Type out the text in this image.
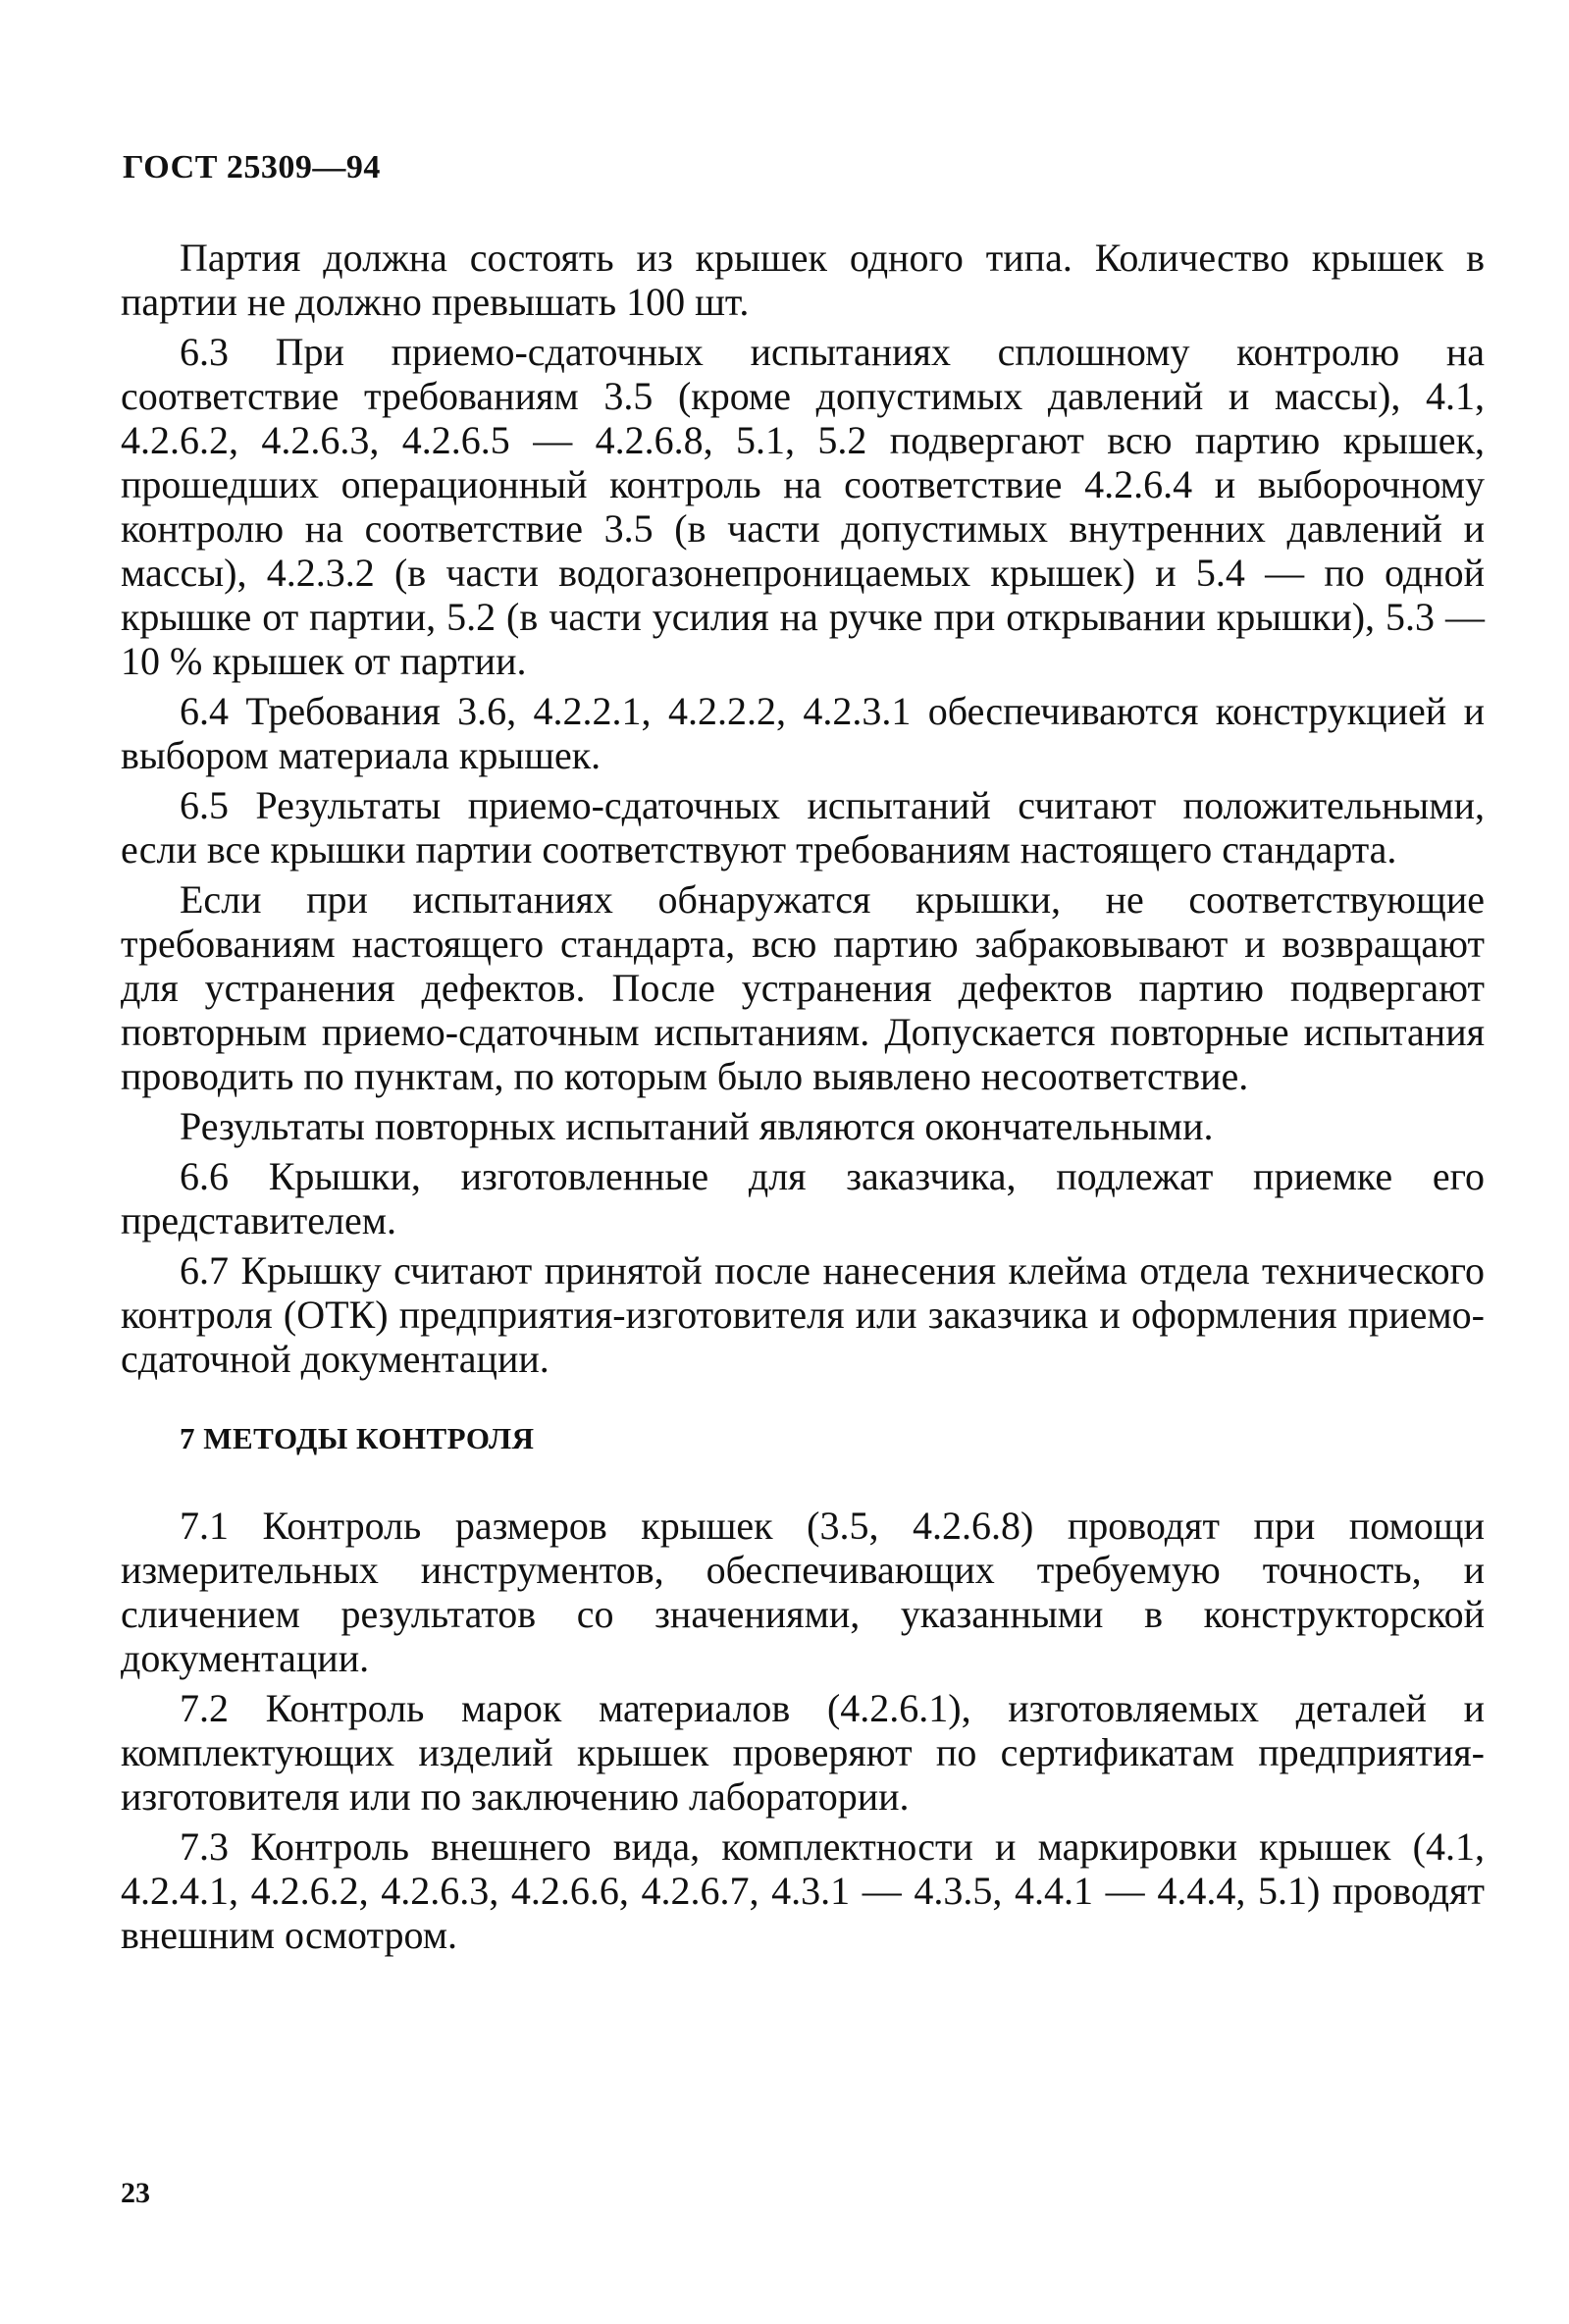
ГОСТ 25309—94

Партия должна состоять из крышек одного типа. Количество крышек в партии не должно превышать 100 шт.

6.3 При приемо-сдаточных испытаниях сплошному контролю на соответствие требованиям 3.5 (кроме допустимых давлений и массы), 4.1, 4.2.6.2, 4.2.6.3, 4.2.6.5 — 4.2.6.8, 5.1, 5.2 подвергают всю партию крышек, прошедших операционный контроль на соответствие 4.2.6.4 и выборочному контролю на соответствие 3.5 (в части допустимых внутренних давлений и массы), 4.2.3.2 (в части водогазонепроницаемых крышек) и 5.4 — по одной крышке от партии, 5.2 (в части усилия на ручке при открывании крышки), 5.3 — 10 % крышек от партии.

6.4 Требования 3.6, 4.2.2.1, 4.2.2.2, 4.2.3.1 обеспечиваются конструкцией и выбором материала крышек.

6.5 Результаты приемо-сдаточных испытаний считают положительными, если все крышки партии соответствуют требованиям настоящего стандарта.

Если при испытаниях обнаружатся крышки, не соответствующие требованиям настоящего стандарта, всю партию забраковывают и возвращают для устранения дефектов. После устранения дефектов партию подвергают повторным приемо-сдаточным испытаниям. Допускается повторные испытания проводить по пунктам, по которым было выявлено несоответствие.

Результаты повторных испытаний являются окончательными.

6.6 Крышки, изготовленные для заказчика, подлежат приемке его представителем.

6.7 Крышку считают принятой после нанесения клейма отдела технического контроля (ОТК) предприятия-изготовителя или заказчика и оформления приемо-сдаточной документации.

7 МЕТОДЫ КОНТРОЛЯ

7.1 Контроль размеров крышек (3.5, 4.2.6.8) проводят при помощи измерительных инструментов, обеспечивающих требуемую точность, и сличением результатов со значениями, указанными в конструкторской документации.

7.2 Контроль марок материалов (4.2.6.1), изготовляемых деталей и комплектующих изделий крышек проверяют по сертификатам предприятия-изготовителя или по заключению лаборатории.

7.3 Контроль внешнего вида, комплектности и маркировки крышек (4.1, 4.2.4.1, 4.2.6.2, 4.2.6.3, 4.2.6.6, 4.2.6.7, 4.3.1 — 4.3.5, 4.4.1 — 4.4.4, 5.1) проводят внешним осмотром.

23
